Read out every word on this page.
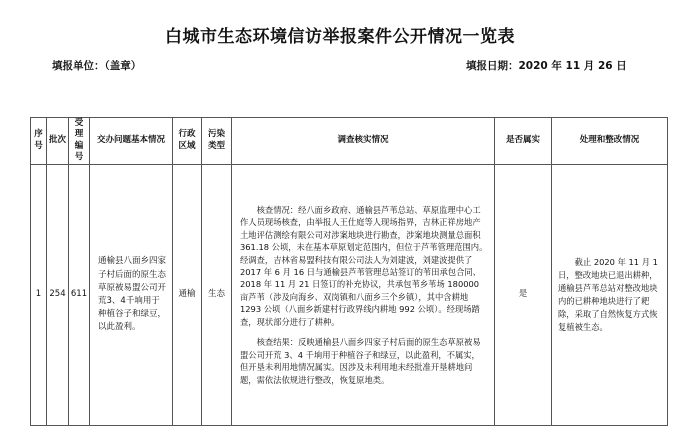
白城市生态环境信访举报案件公开情况一览表
填报单位：（盖章）	填报日期：2020 年 11 月 26 日
序号	批次	受理编号	交办问题基本情况	行政区域	污染类型	调查核实情况	是否属实	处理和整改情况

1	254	611	通榆县八面乡四家子村后面的原生态草原被易盟公司开荒3、4千垧用于种植谷子和绿豆，以此盈利。	通榆	生态	核查情况：经八面乡政府、通榆县芦苇总站、草原监理中心工作人员现场核查，由举报人王仕庭等人现场指界，吉林正祥房地产土地评估测绘有限公司对涉案地块进行勘查，涉案地块测量总面积 361.18 公顷，未在基本草原划定范围内，但位于芦苇管理范围内。经调查，吉林省易盟科技有限公司法人为刘建波，刘建波提供了 2017 年 6 月 16 日与通榆县芦苇管理总站签订的苇田承包合同、2018 年 11 月 21 日签订的补充协议，共承包苇乡苇场 180000 亩芦苇（涉及向海乡、双岗镇和八面乡三个乡镇），其中含耕地 1293 公顷（八面乡新建村行政界线内耕地 992 公顷）。经现场踏查，现状部分进行了耕种。
核查结果：反映通榆县八面乡四家子村后面的原生态草原被易盟公司开荒 3、4 千垧用于种植谷子和绿豆，以此盈利，不属实，但开垦未利用地情况属实。因涉及未利用地未经批准开垦耕地问题，需依法依规进行整改，恢复原地类。	是	截止 2020 年 11 月 1 日，整改地块已退出耕种，通榆县芦苇总站对整改地块内的已耕种地块进行了耙除，采取了自然恢复方式恢复植被生态。
